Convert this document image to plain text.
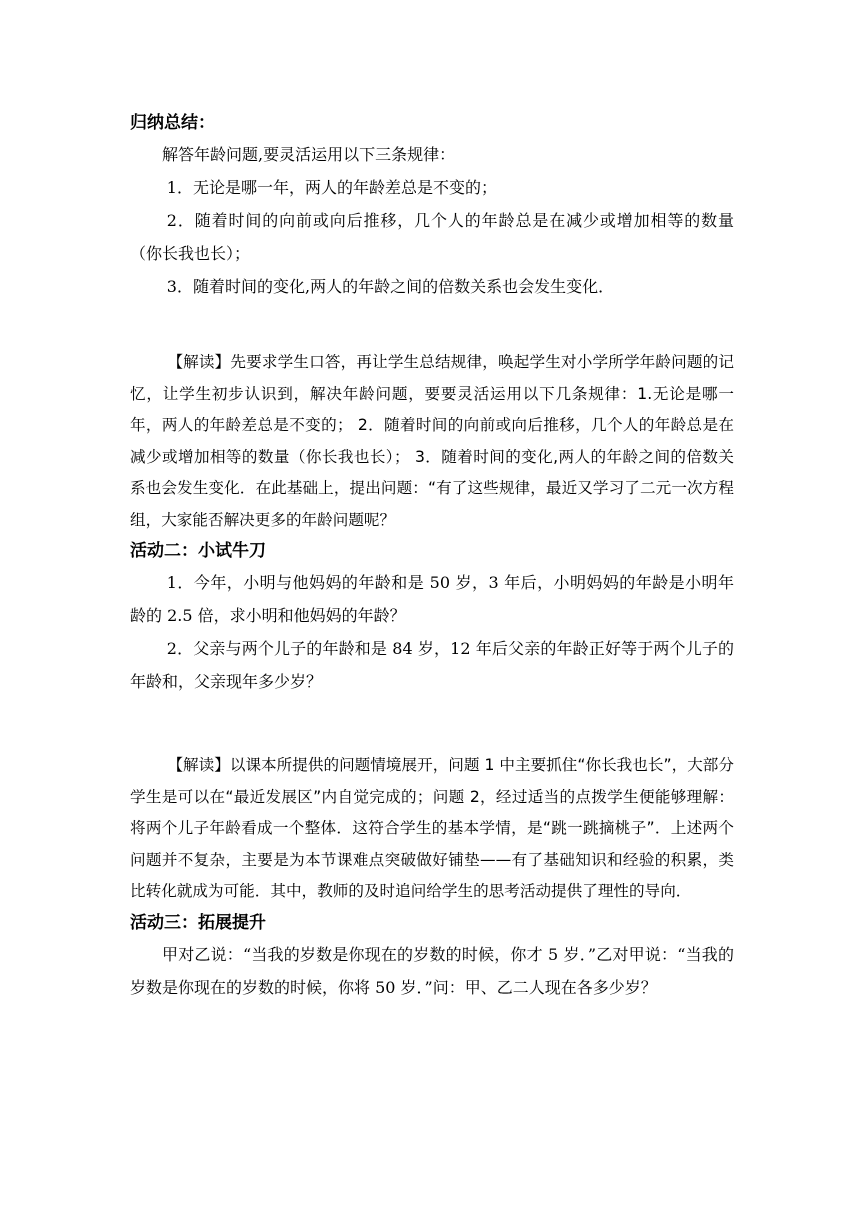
归纳总结：

解答年龄问题,要灵活运用以下三条规律：

1．无论是哪一年，两人的年龄差总是不变的；

2．随着时间的向前或向后推移，几个人的年龄总是在减少或增加相等的数量（你长我也长）；

3．随着时间的变化,两人的年龄之间的倍数关系也会发生变化．

【解读】先要求学生口答，再让学生总结规律，唤起学生对小学所学年龄问题的记忆，让学生初步认识到，解决年龄问题，要要灵活运用以下几条规律：1.无论是哪一年，两人的年龄差总是不变的； 2．随着时间的向前或向后推移，几个人的年龄总是在减少或增加相等的数量（你长我也长）； 3．随着时间的变化,两人的年龄之间的倍数关系也会发生变化．在此基础上，提出问题：“有了这些规律，最近又学习了二元一次方程组，大家能否解决更多的年龄问题呢？

活动二：小试牛刀

1．今年，小明与他妈妈的年龄和是 50 岁，3 年后，小明妈妈的年龄是小明年龄的 2.5 倍，求小明和他妈妈的年龄？

2．父亲与两个儿子的年龄和是 84 岁，12 年后父亲的年龄正好等于两个儿子的年龄和，父亲现年多少岁？

【解读】以课本所提供的问题情境展开，问题 1 中主要抓住“你长我也长”，大部分学生是可以在“最近发展区”内自觉完成的；问题 2，经过适当的点拨学生便能够理解：将两个儿子年龄看成一个整体．这符合学生的基本学情，是“跳一跳摘桃子”．上述两个问题并不复杂，主要是为本节课难点突破做好铺垫——有了基础知识和经验的积累，类比转化就成为可能．其中，教师的及时追问给学生的思考活动提供了理性的导向．

活动三：拓展提升

甲对乙说：“当我的岁数是你现在的岁数的时候，你才 5 岁．”乙对甲说：“当我的岁数是你现在的岁数的时候，你将 50 岁．”问：甲、乙二人现在各多少岁？
